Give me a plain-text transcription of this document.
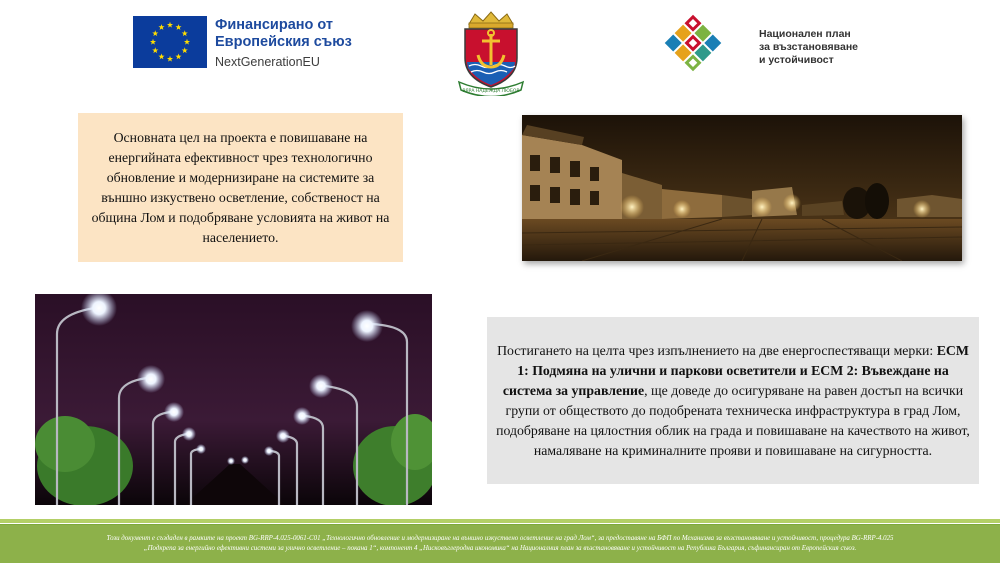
Финансирано от
Европейския съюз
NextGenerationEU
ВЯРА НАДЕЖДА ЛЮБОВ
Национален план
за възстановяване
и устойчивост

Основната цел на проекта е повишаване на енергийната ефективност чрез технологично обновление и модернизиране на системите за външно изкуствено осветление, собственост на община Лом и подобряване условията на живот на населението.

Постигането на целта чрез изпълнението на две енергоспестяващи мерки: ЕСМ 1: Подмяна на улични и паркови осветители и ЕСМ 2: Въвеждане на система за управление, ще доведе до осигуряване на равен достъп на всички групи от обществото до подобрената техническа инфраструктура в град Лом, подобряване на цялостния облик на града и повишаване на качеството на живот, намаляване на криминалните прояви и повишаване на сигурността.

Този документ е създаден в рамките на проект BG-RRP-4.025-0061-C01 „Технологично обновление и модернизиране на външно изкуствено осветление на град Лом“, за предоставяне на БФП по Механизма за възстановяване и устойчивост, процедура BG-RRP-4.025
„Подкрепа за енергийно ефективни системи за улично осветление – покана 1“, компонент 4 „Нисковъглеродна икономика“ на Националния план за възстановяване и устойчивост на Република България, съфинансиран от Европейския съюз.
